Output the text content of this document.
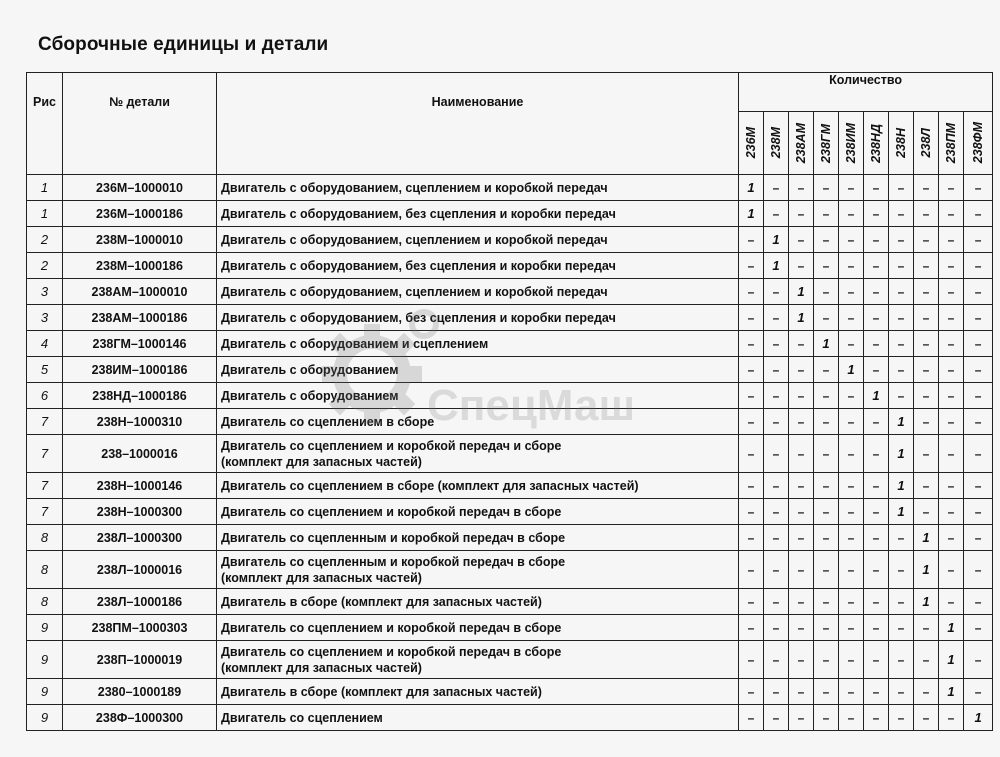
Сборочные единицы и детали
Рис	№ детали	Наименование	Количество									

			236М	238М	238АМ	238ГМ	238ИМ	238НД	238Н	238Л	238ПМ	238ФМ

1	236М–1000010	Двигатель с оборудованием, сцеплением и коробкой передач	1	–	–	–	–	–	–	–	–	–
1	236М–1000186	Двигатель с оборудованием, без сцепления и коробки передач	1	–	–	–	–	–	–	–	–	–
2	238М–1000010	Двигатель с оборудованием, сцеплением и коробкой передач	–	1	–	–	–	–	–	–	–	–
2	238М–1000186	Двигатель с оборудованием, без сцепления и коробки передач	–	1	–	–	–	–	–	–	–	–
3	238АМ–1000010	Двигатель с оборудованием, сцеплением и коробкой передач	–	–	1	–	–	–	–	–	–	–
3	238АМ–1000186	Двигатель с оборудованием, без сцепления и коробки передач	–	–	1	–	–	–	–	–	–	–
4	238ГМ–1000146	Двигатель с оборудованием и сцеплением	–	–	–	1	–	–	–	–	–	–
5	238ИМ–1000186	Двигатель с оборудованием	–	–	–	–	1	–	–	–	–	–
6	238НД–1000186	Двигатель с оборудованием	–	–	–	–	–	1	–	–	–	–
7	238Н–1000310	Двигатель со сцеплением в сборе	–	–	–	–	–	–	1	–	–	–
7	238–1000016	Двигатель со сцеплением и коробкой передач и сборе
(комплект для запасных частей)	–	–	–	–	–	–	1	–	–	–
7	238Н–1000146	Двигатель со сцеплением в сборе (комплект для запасных частей)	–	–	–	–	–	–	1	–	–	–
7	238Н–1000300	Двигатель со сцеплением и коробкой передач в сборе	–	–	–	–	–	–	1	–	–	–
8	238Л–1000300	Двигатель со сцепленным и коробкой передач в сборе	–	–	–	–	–	–	–	1	–	–
8	238Л–1000016	Двигатель со сцепленным и коробкой передач в сборе
(комплект для запасных частей)	–	–	–	–	–	–	–	1	–	–
8	238Л–1000186	Двигатель в сборе (комплект для запасных частей)	–	–	–	–	–	–	–	1	–	–
9	238ПМ–1000303	Двигатель со сцеплением и коробкой передач в сборе	–	–	–	–	–	–	–	–	1	–
9	238П–1000019	Двигатель со сцеплением и коробкой передач в сборе
(комплект для запасных частей)	–	–	–	–	–	–	–	–	1	–
9	2380–1000189	Двигатель в сборе (комплект для запасных частей)	–	–	–	–	–	–	–	–	1	–
9	238Ф–1000300	Двигатель со сцеплением	–	–	–	–	–	–	–	–	–	1
СпецМаш
